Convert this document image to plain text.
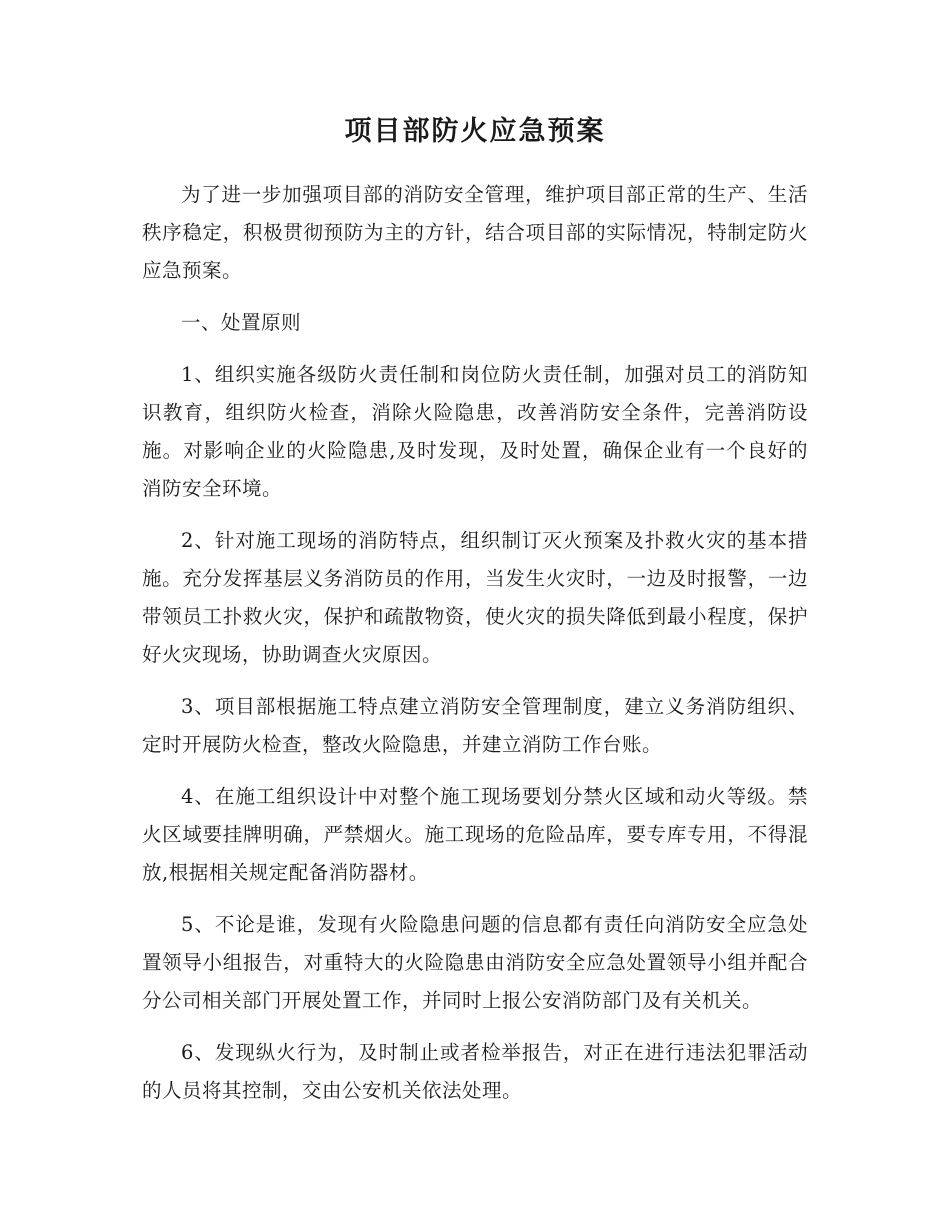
项目部防火应急预案

为了进一步加强项目部的消防安全管理，维护项目部正常的生产、生活秩序稳定，积极贯彻预防为主的方针，结合项目部的实际情况，特制定防火应急预案。

一、处置原则

1、组织实施各级防火责任制和岗位防火责任制，加强对员工的消防知识教育，组织防火检查，消除火险隐患，改善消防安全条件，完善消防设施。对影响企业的火险隐患,及时发现，及时处置，确保企业有一个良好的消防安全环境。

2、针对施工现场的消防特点，组织制订灭火预案及扑救火灾的基本措施。充分发挥基层义务消防员的作用，当发生火灾时，一边及时报警，一边带领员工扑救火灾，保护和疏散物资，使火灾的损失降低到最小程度，保护好火灾现场，协助调查火灾原因。

3、项目部根据施工特点建立消防安全管理制度，建立义务消防组织、定时开展防火检查，整改火险隐患，并建立消防工作台账。

4、在施工组织设计中对整个施工现场要划分禁火区域和动火等级。禁火区域要挂牌明确，严禁烟火。施工现场的危险品库，要专库专用，不得混放,根据相关规定配备消防器材。

5、不论是谁，发现有火险隐患问题的信息都有责任向消防安全应急处置领导小组报告，对重特大的火险隐患由消防安全应急处置领导小组并配合分公司相关部门开展处置工作，并同时上报公安消防部门及有关机关。

6、发现纵火行为，及时制止或者检举报告，对正在进行违法犯罪活动的人员将其控制，交由公安机关依法处理。
